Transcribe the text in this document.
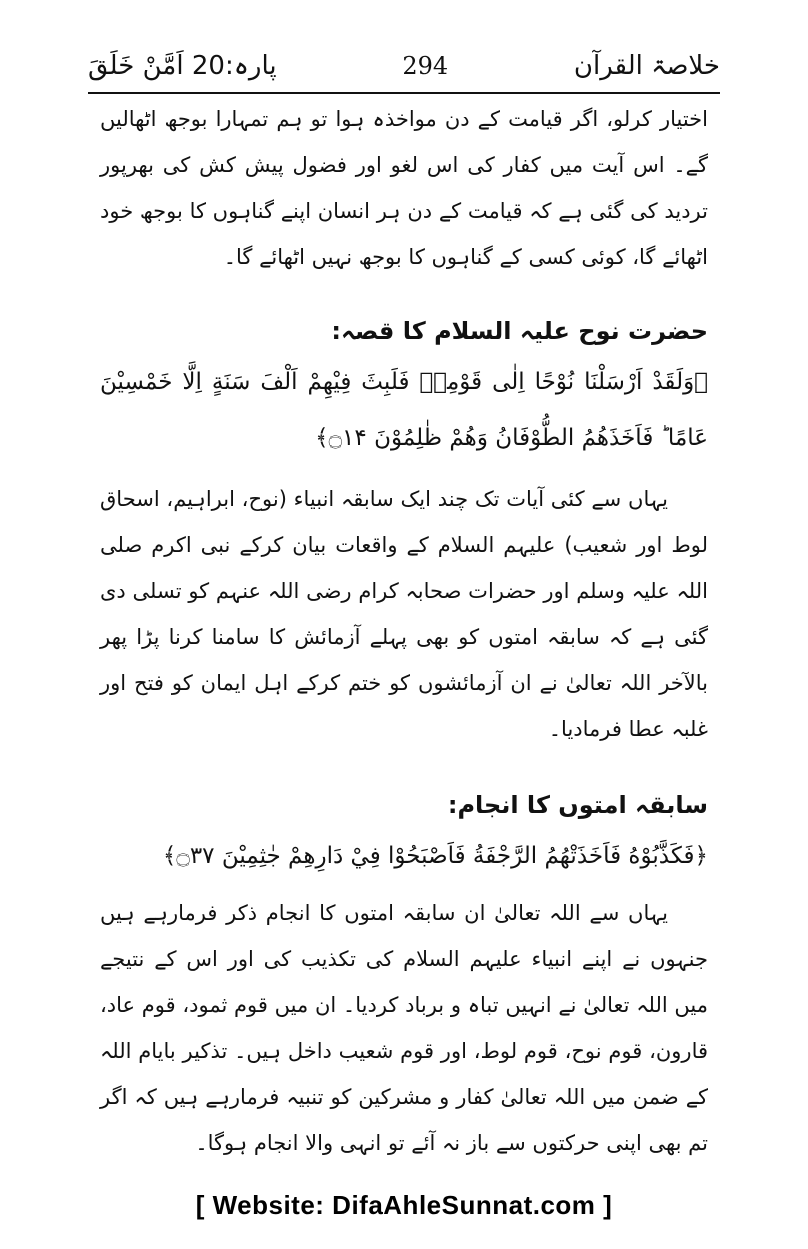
خلاصۃ القرآن
294
پارہ:20 اَمَّنْ خَلَقَ

اختیار کرلو، اگر قیامت کے دن مواخذہ ہوا تو ہم تمہارا بوجھ اٹھالیں گے۔ اس آیت میں کفار کی اس لغو اور فضول پیش کش کی بھرپور تردید کی گئی ہے کہ قیامت کے دن ہر انسان اپنے گناہوں کا بوجھ خود اٹھائے گا، کوئی کسی کے گناہوں کا بوجھ نہیں اٹھائے گا۔

حضرت نوح علیہ السلام کا قصہ:

﴿وَلَقَدْ اَرْسَلْنَا نُوْحًا اِلٰى قَوْمِهٖ فَلَبِثَ فِيْهِمْ اَلْفَ سَنَةٍ اِلَّا خَمْسِيْنَ عَامًا ؕ فَاَخَذَهُمُ الطُّوْفَانُ وَهُمْ ظٰلِمُوْنَ ۝۱۴﴾

یہاں سے کئی آیات تک چند ایک سابقہ انبیاء (نوح، ابراہیم، اسحاق لوط اور شعیب) علیہم السلام کے واقعات بیان کرکے نبی اکرم صلی اللہ علیہ وسلم اور حضرات صحابہ کرام رضی اللہ عنہم کو تسلی دی گئی ہے کہ سابقہ امتوں کو بھی پہلے آزمائش کا سامنا کرنا پڑا پھر بالآخر اللہ تعالیٰ نے ان آزمائشوں کو ختم کرکے اہل ایمان کو فتح اور غلبہ عطا فرمادیا۔

سابقہ امتوں کا انجام:

﴿فَكَذَّبُوْهُ فَاَخَذَتْهُمُ الرَّجْفَةُ فَاَصْبَحُوْا فِيْ دَارِهِمْ جٰثِمِيْنَ ۝۳۷﴾

یہاں سے اللہ تعالیٰ ان سابقہ امتوں کا انجام ذکر فرمارہے ہیں جنہوں نے اپنے انبیاء علیہم السلام کی تکذیب کی اور اس کے نتیجے میں اللہ تعالیٰ نے انہیں تباہ و برباد کردیا۔ ان میں قوم ثمود، قوم عاد، قارون، قوم نوح، قوم لوط، اور قوم شعیب داخل ہیں۔ تذکیر بایام اللہ کے ضمن میں اللہ تعالیٰ کفار و مشرکین کو تنبیہ فرمارہے ہیں کہ اگر تم بھی اپنی حرکتوں سے باز نہ آئے تو انہی والا انجام ہوگا۔

[ Website: DifaAhleSunnat.com ]
